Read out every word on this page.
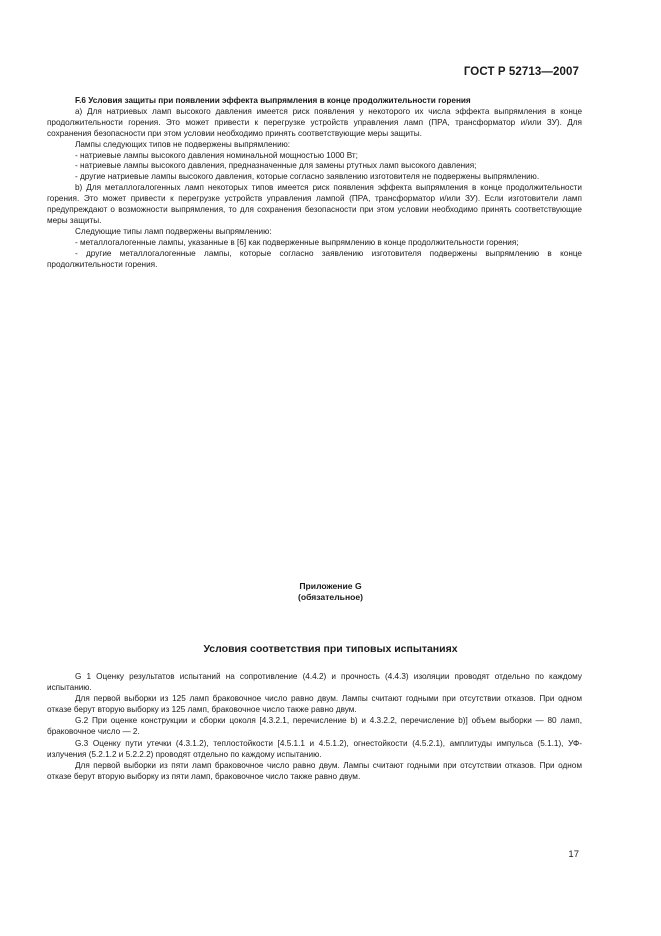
ГОСТ Р 52713—2007

F.6 Условия защиты при появлении эффекта выпрямления в конце продолжительности горения

а) Для натриевых ламп высокого давления имеется риск появления у некоторого их числа эффекта выпрямления в конце продолжительности горения. Это может привести к перегрузке устройств управления ламп (ПРА, трансформатор и/или ЗУ). Для сохранения безопасности при этом условии необходимо принять соответствующие меры защиты.

Лампы следующих типов не подвержены выпрямлению:

- натриевые лампы высокого давления номинальной мощностью 1000 Вт;

- натриевые лампы высокого давления, предназначенные для замены ртутных ламп высокого давления;

- другие натриевые лампы высокого давления, которые согласно заявлению изготовителя не подвержены выпрямлению.

b) Для металлогалогенных ламп некоторых типов имеется риск появления эффекта выпрямления в конце продолжительности горения. Это может привести к перегрузке устройств управления лампой (ПРА, трансформатор и/или ЗУ). Если изготовители ламп предупреждают о возможности выпрямления, то для сохранения безопасности при этом условии необходимо принять соответствующие меры защиты.

Следующие типы ламп подвержены выпрямлению:

- металлогалогенные лампы, указанные в [6] как подверженные выпрямлению в конце продолжительности горения;

- другие металлогалогенные лампы, которые согласно заявлению изготовителя подвержены выпрямлению в конце продолжительности горения.

Приложение G
(обязательное)
Условия соответствия при типовых испытаниях

G 1 Оценку результатов испытаний на сопротивление (4.4.2) и прочность (4.4.3) изоляции проводят отдельно по каждому испытанию.

Для первой выборки из 125 ламп браковочное число равно двум. Лампы считают годными при отсутствии отказов. При одном отказе берут вторую выборку из 125 ламп, браковочное число также равно двум.

G.2 При оценке конструкции и сборки цоколя [4.3.2.1, перечисление b) и 4.3.2.2, перечисление b)] объем выборки — 80 ламп, браковочное число — 2.

G.3 Оценку пути утечки (4.3.1.2), теплостойкости [4.5.1.1 и 4.5.1.2), огнестойкости (4.5.2.1), амплитуды импульса (5.1.1), УФ-излучения (5.2.1.2 и 5.2.2.2) проводят отдельно по каждому испытанию.

Для первой выборки из пяти ламп браковочное число равно двум. Лампы считают годными при отсутствии отказов. При одном отказе берут вторую выборку из пяти ламп, браковочное число также равно двум.

17
